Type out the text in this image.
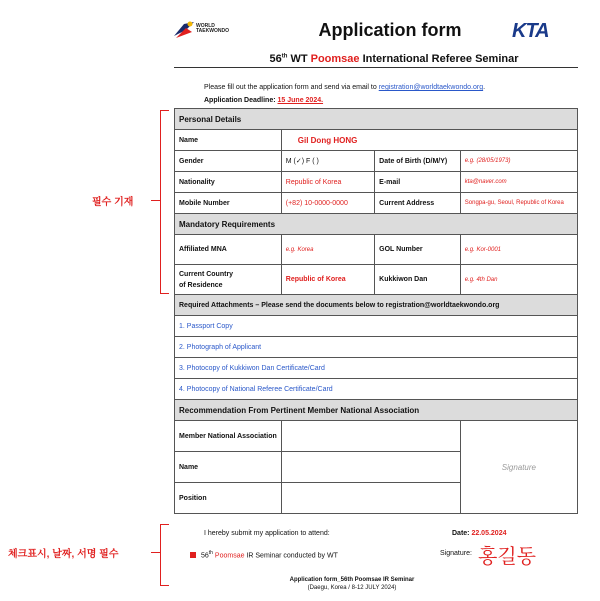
WORLD
TAEKWONDO	Application form	KTA
56th WT Poomsae International Referee Seminar
Please fill out the application form and send via email to registration@worldtaekwondo.org.
Application Deadline: 15 June 2024.
Personal Details			
Name	Gil Dong HONG		
Gender	M (✓) F ( )	Date of Birth (D/M/Y)	e.g. (28/05/1973)
Nationality	Republic of Korea	E-mail	kta@naver.com
Mobile Number	(+82) 10-0000-0000	Current Address	Songpa-gu, Seoul, Republic of Korea
Mandatory Requirements			
Affiliated MNA	e.g. Korea	GOL Number	e.g. Kor-0001

Current Country
of Residence	Republic of Korea	Kukkiwon Dan	e.g. 4th Dan
Required Attachments – Please send the documents below to registration@worldtaekwondo.org			
1. Passport Copy			
2. Photograph of Applicant			
3. Photocopy of Kukkiwon Dan Certificate/Card			
4. Photocopy of National Referee Certificate/Card			
Recommendation From Pertinent Member National Association			
Member National Association			Signature
Name			
Position			
필수 기재
체크표시, 날짜, 서명 필수
I hereby submit my application to attend:	Date: 22.05.2024
56th Poomsae IR Seminar conducted by WT	Signature: 홍길동
Application form_56th Poomsae IR Seminar
(Daegu, Korea / 8-12 JULY 2024)
